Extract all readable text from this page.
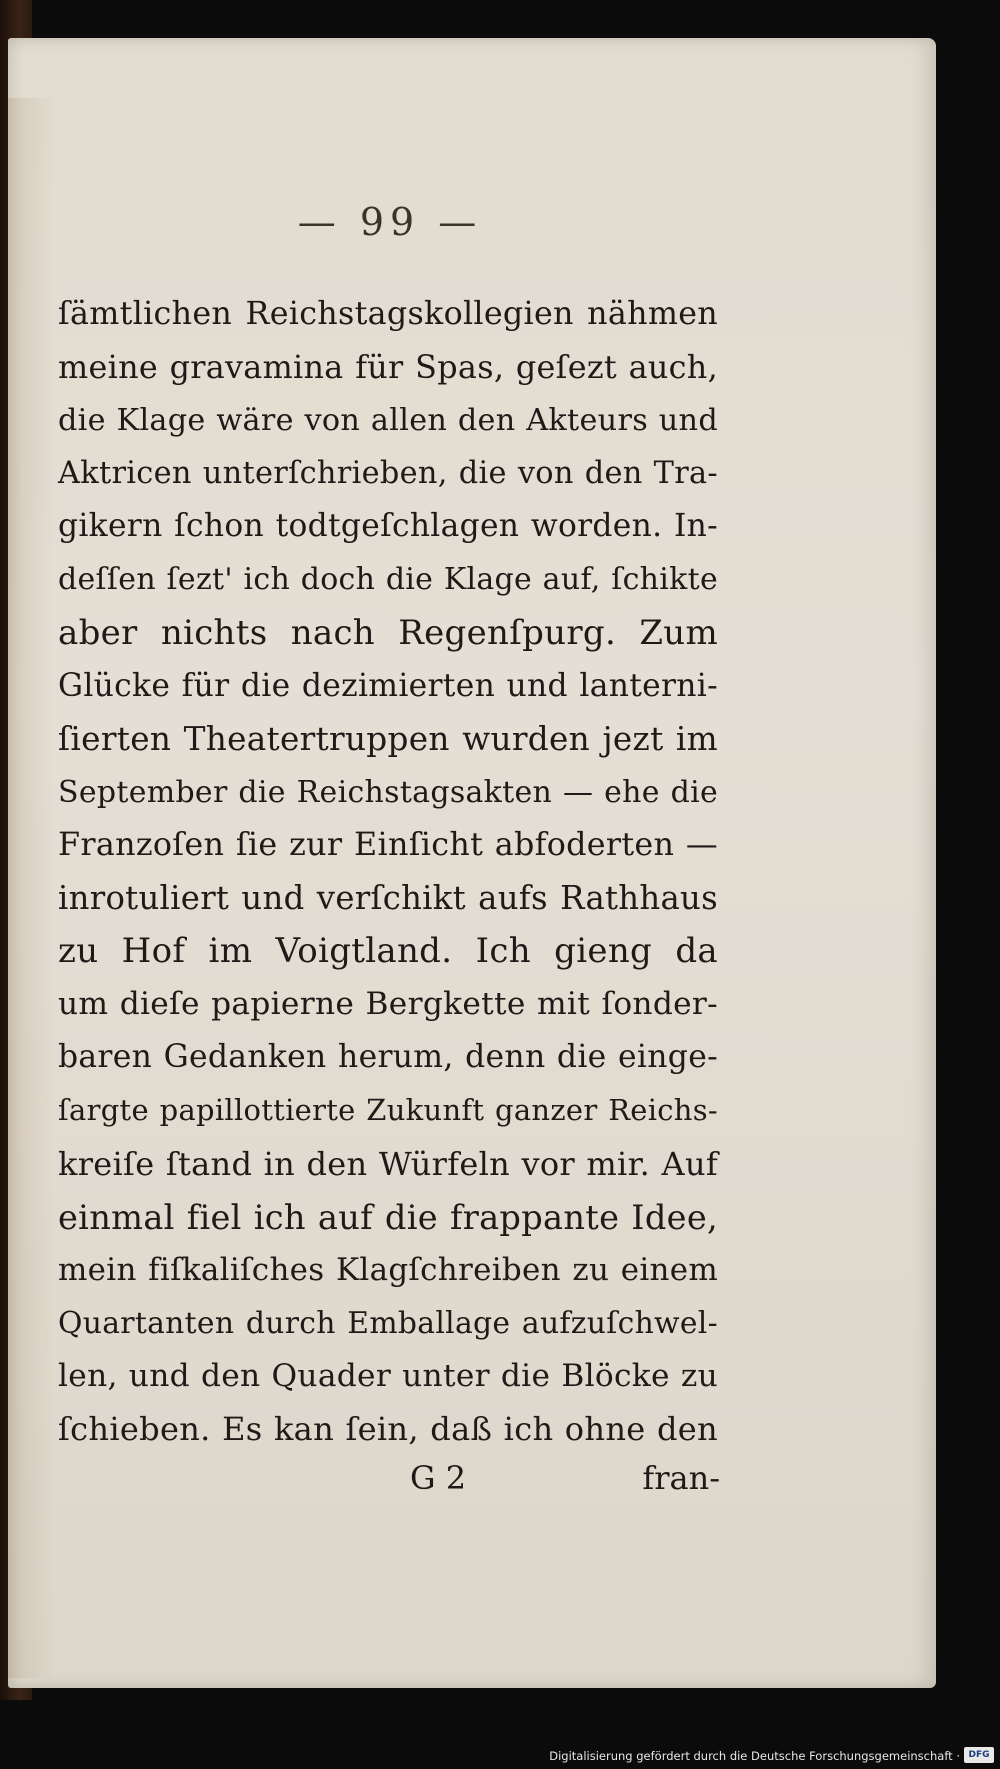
— 99 —
ſämtlichen Reichstagskollegien nähmen
meine gravamina für Spas, geſezt auch,
die Klage wäre von allen den Akteurs und
Aktricen unterſchrieben, die von den Tra-
gikern ſchon todtgeſchlagen worden. In-
deſſen ſezt' ich doch die Klage auf, ſchikte
aber nichts nach Regenſpurg. Zum
Glücke für die dezimierten und lanterni-
ſierten Theatertruppen wurden jezt im
September die Reichstagsakten — ehe die
Franzoſen ſie zur Einſicht abfoderten —
inrotuliert und verſchikt aufs Rathhaus
zu Hof im Voigtland. Ich gieng da
um dieſe papierne Bergkette mit ſonder-
baren Gedanken herum, denn die einge-
ſargte papillottierte Zukunft ganzer Reichs-
kreiſe ſtand in den Würfeln vor mir. Auf
einmal fiel ich auf die frappante Idee,
mein fiſkaliſches Klagſchreiben zu einem
Quartanten durch Emballage aufzuſchwel-
len, und den Quader unter die Blöcke zu
ſchieben. Es kan ſein, daß ich ohne den
G 2	fran-
Digitalisierung gefördert durch die Deutsche Forschungsgemeinschaft · DFG
